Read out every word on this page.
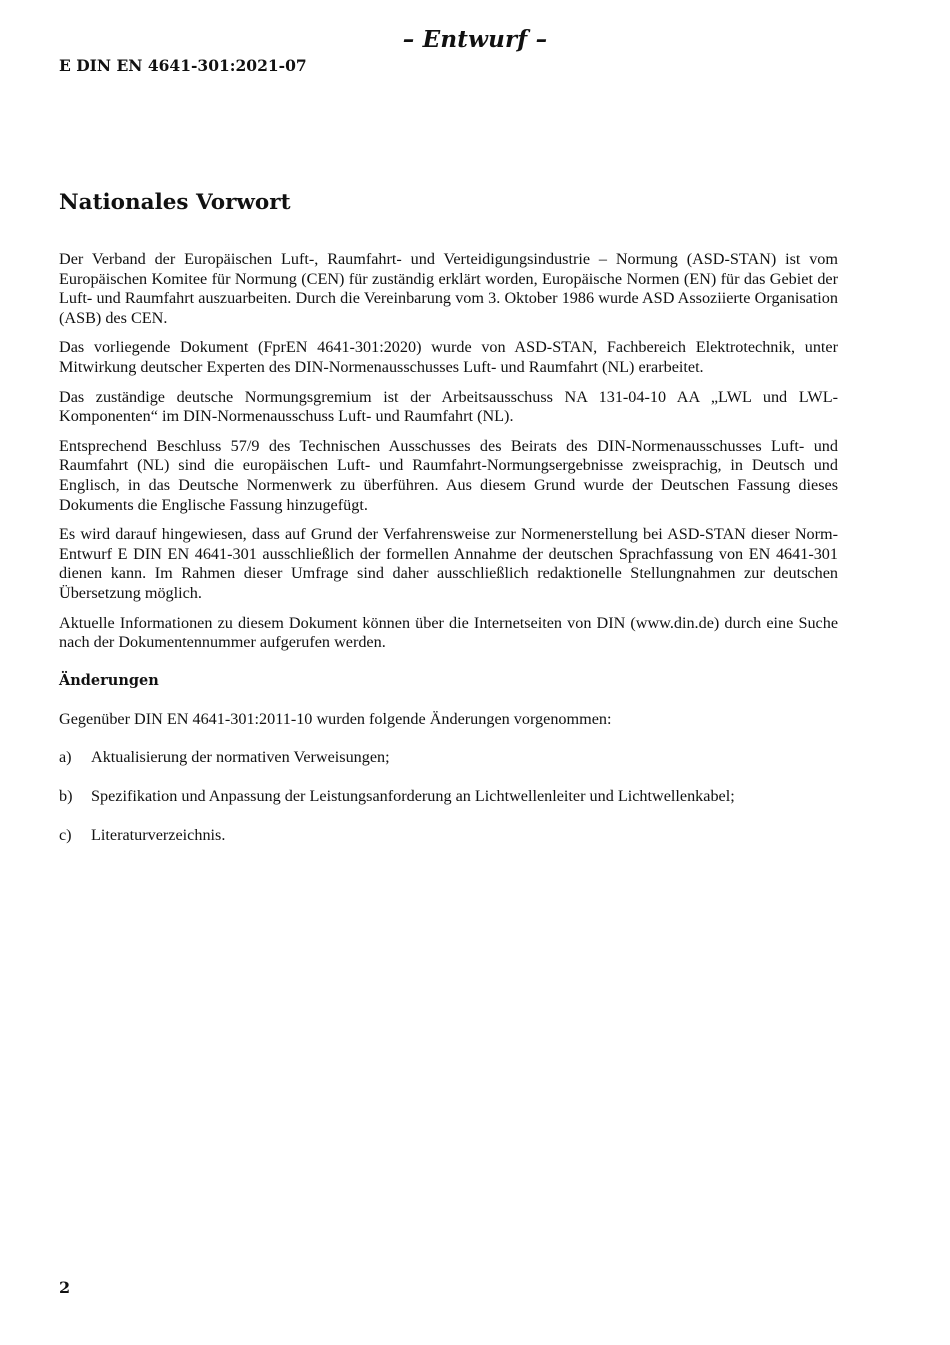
– Entwurf –
E DIN EN 4641-301:2021-07
Nationales Vorwort

Der Verband der Europäischen Luft-, Raumfahrt- und Verteidigungsindustrie – Normung (ASD-STAN) ist vom Europäischen Komitee für Normung (CEN) für zuständig erklärt worden, Europäische Normen (EN) für das Gebiet der Luft- und Raumfahrt auszuarbeiten. Durch die Vereinbarung vom 3. Oktober 1986 wurde ASD Assoziierte Organisation (ASB) des CEN.

Das vorliegende Dokument (FprEN 4641-301:2020) wurde von ASD-STAN, Fachbereich Elektrotechnik, unter Mitwirkung deutscher Experten des DIN-Normenausschusses Luft- und Raumfahrt (NL) erarbeitet.

Das zuständige deutsche Normungsgremium ist der Arbeitsausschuss NA 131-04-10 AA „LWL und LWL-Komponenten“ im DIN-Normenausschuss Luft- und Raumfahrt (NL).

Entsprechend Beschluss 57/9 des Technischen Ausschusses des Beirats des DIN-Normenausschusses Luft- und Raumfahrt (NL) sind die europäischen Luft- und Raumfahrt-Normungsergebnisse zweisprachig, in Deutsch und Englisch, in das Deutsche Normenwerk zu überführen. Aus diesem Grund wurde der Deutschen Fassung dieses Dokuments die Englische Fassung hinzugefügt.

Es wird darauf hingewiesen, dass auf Grund der Verfahrensweise zur Normenerstellung bei ASD-STAN dieser Norm-Entwurf E DIN EN 4641-301 ausschließlich der formellen Annahme der deutschen Sprachfassung von EN 4641-301 dienen kann. Im Rahmen dieser Umfrage sind daher ausschließlich redaktionelle Stellungnahmen zur deutschen Übersetzung möglich.

Aktuelle Informationen zu diesem Dokument können über die Internetseiten von DIN (www.din.de) durch eine Suche nach der Dokumentennummer aufgerufen werden.

Änderungen

Gegenüber DIN EN 4641-301:2011-10 wurden folgende Änderungen vorgenommen:

a)	Aktualisierung der normativen Verweisungen;
b)	Spezifikation und Anpassung der Leistungsanforderung an Lichtwellenleiter und Lichtwellenkabel;
c)	Literaturverzeichnis.
2
